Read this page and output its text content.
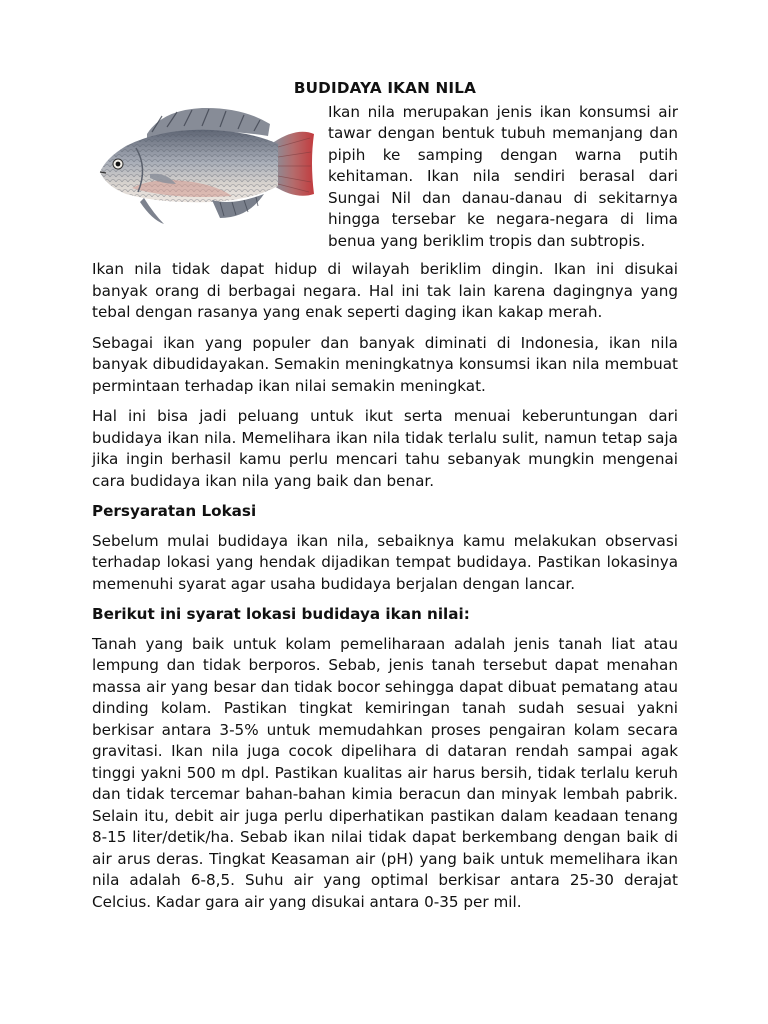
BUDIDAYA IKAN NILA

Ikan nila merupakan jenis ikan konsumsi air tawar dengan bentuk tubuh memanjang dan pipih ke samping dengan warna putih kehitaman. Ikan nila sendiri berasal dari Sungai Nil dan danau-danau di sekitarnya hingga tersebar ke negara-negara di lima benua yang beriklim tropis dan subtropis.

Ikan nila tidak dapat hidup di wilayah beriklim dingin. Ikan ini disukai banyak orang di berbagai negara. Hal ini tak lain karena dagingnya yang tebal dengan rasanya yang enak seperti daging ikan kakap merah.

Sebagai ikan yang populer dan banyak diminati di Indonesia, ikan nila banyak dibudidayakan. Semakin meningkatnya konsumsi ikan nila membuat permintaan terhadap ikan nilai semakin meningkat.

Hal ini bisa jadi peluang untuk ikut serta menuai keberuntungan dari budidaya ikan nila. Memelihara ikan nila tidak terlalu sulit, namun tetap saja jika ingin berhasil kamu perlu mencari tahu sebanyak mungkin mengenai cara budidaya ikan nila yang baik dan benar.

Persyaratan Lokasi

Sebelum mulai budidaya ikan nila, sebaiknya kamu melakukan observasi terhadap lokasi yang hendak dijadikan tempat budidaya. Pastikan lokasinya memenuhi syarat agar usaha budidaya berjalan dengan lancar.

Berikut ini syarat lokasi budidaya ikan nilai:

Tanah yang baik untuk kolam pemeliharaan adalah jenis tanah liat atau lempung dan tidak berporos. Sebab, jenis tanah tersebut dapat menahan massa air yang besar dan tidak bocor sehingga dapat dibuat pematang atau dinding kolam. Pastikan tingkat kemiringan tanah sudah sesuai yakni berkisar antara 3-5% untuk memudahkan proses pengairan kolam secara gravitasi. Ikan nila juga cocok dipelihara di dataran rendah sampai agak tinggi yakni 500 m dpl. Pastikan kualitas air harus bersih, tidak terlalu keruh dan tidak tercemar bahan-bahan kimia beracun dan minyak lembah pabrik. Selain itu, debit air juga perlu diperhatikan pastikan dalam keadaan tenang 8-15 liter/detik/ha. Sebab ikan nilai tidak dapat berkembang dengan baik di air arus deras. Tingkat Keasaman air (pH) yang baik untuk memelihara ikan nila adalah 6-8,5. Suhu air yang optimal berkisar antara 25-30 derajat Celcius. Kadar gara air yang disukai antara 0-35 per mil.
